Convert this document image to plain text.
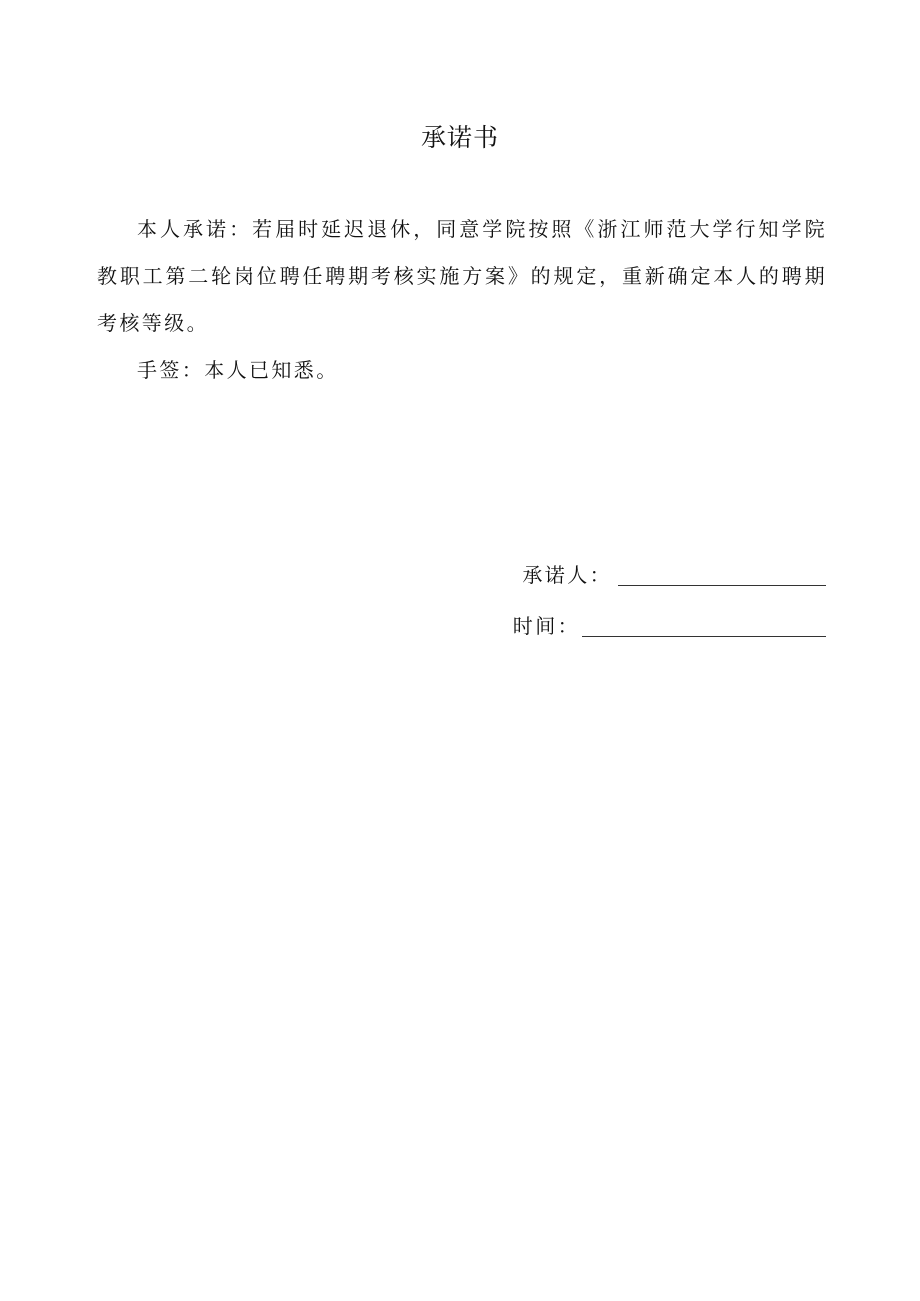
承诺书

本人承诺：若届时延迟退休，同意学院按照《浙江师范大学行知学院教职工第二轮岗位聘任聘期考核实施方案》的规定，重新确定本人的聘期考核等级。

手签：本人已知悉。

承诺人：
时间：
